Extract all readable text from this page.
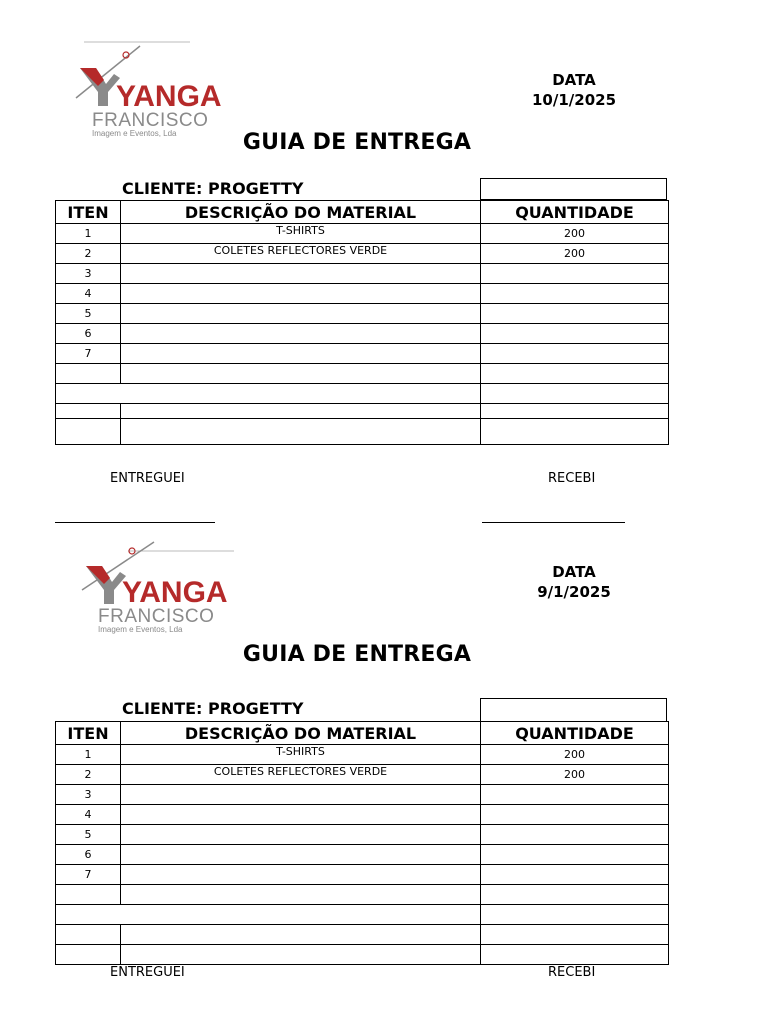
YANGA
FRANCISCO
Imagem e Eventos, Lda
DATA
10/1/2025
GUIA DE ENTREGA
CLIENTE: PROGETTY
ITEN	DESCRIÇÃO DO MATERIAL	QUANTIDADE
1	T-SHIRTS	200
2	COLETES REFLECTORES VERDE	200
3		
4		
5		
6		
7		

ENTREGUEI	RECEBI
YANGA
FRANCISCO
Imagem e Eventos, Lda
DATA
9/1/2025
GUIA DE ENTREGA
CLIENTE: PROGETTY
ITEN	DESCRIÇÃO DO MATERIAL	QUANTIDADE
1	T-SHIRTS	200
2	COLETES REFLECTORES VERDE	200
3		
4		
5		
6		
7		

ENTREGUEI	RECEBI
